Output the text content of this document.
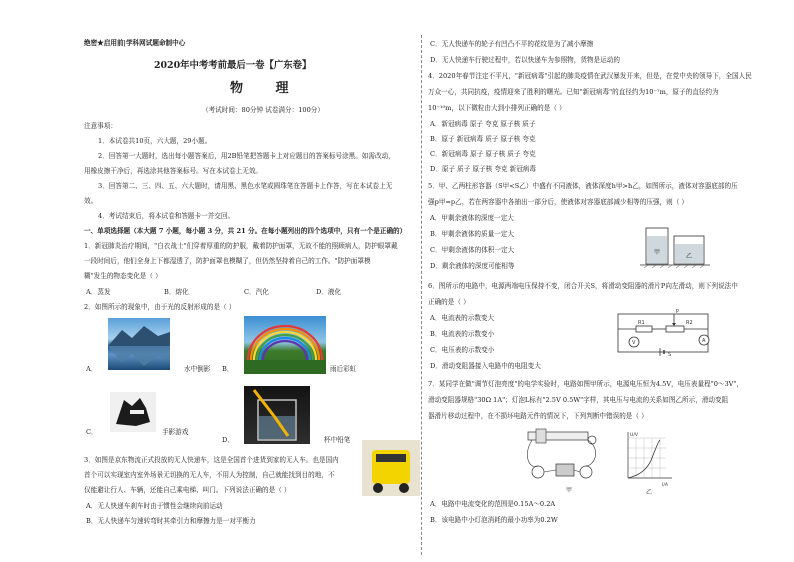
绝密★启用前|学科网试题命制中心
2020年中考考前最后一卷【广东卷】
物 理
（考试时间：80分钟 试卷满分：100分）
注意事项：
1．本试卷共10页，六大题，29小题。
2．回答第一大题时，选出每小题答案后，用2B铅笔把答题卡上对应题目的答案标号涂黑。如需改动，
用橡皮擦干净后，再选涂其他答案标号。写在本试卷上无效。
3．回答第二、三、四、五、六大题时，请用黑、黑色水笔或圆珠笔在答题卡上作答，写在本试卷上无
效。
4．考试结束后，将本试卷和答题卡一并交回。
一、单项选择题（本大题 7 小题，每小题 3 分，共 21 分。在每小题列出的四个选项中，只有一个是正确的）
1．新冠肺炎治疗期间，"白衣战士"们穿着厚重的防护服，戴着防护面罩，无故不能的照顾病人，防护眼罩戴
一段时间后，他们全身上下都湿透了，防护面罩也模糊了，但仍然坚持着自己的工作。"防护面罩模
糊"发生的物态变化是（ ）
A．蒸发	B．熔化	C．汽化	D．液化
2．如图所示的现象中，由于光的反射形成的是（ ）
A．	水中倒影 B．	雨后彩虹
C．	手影游戏
D．	杯中铅笔
3．如图是京东物流正式投放的无人快递车，这是全国首个进货到家的无人车。也是国内
首个可以实现室内室外场景无切换的无人车，不用人为控制，自己就能找到目的地，不
仅能避让行人、车辆，还能自己乘电梯、叫门。下列说法正确的是（ ）
A．无人快递车刹车时由于惯性会继续向前运动
B．无人快递车匀速转弯时其牵引力和摩擦力是一对平衡力
C．无人快递车的轮子有凹凸不平的花纹是为了减小摩擦
D．无人快递车行驶过程中，若以快递车为参照物，货物是运动的
4．2020年春节注定不平凡，"新冠病毒"引起的肺炎疫情在武汉暴发开来，但是，在党中央的领导下，全国人民
万众一心，共同抗疫，疫情迎来了胜利的曙光。已知"新冠病毒"的直径约为10⁻⁷m，原子的直径约为
10⁻¹⁰m，以下微粒由大到小排列正确的是（ ）
A．新冠病毒 原子 夸克 原子核 质子
B．原子 新冠病毒 质子 原子核 夸克
C．新冠病毒 原子 原子核 质子 夸克
D．原子 质子 原子核 夸克 新冠病毒
5．甲、乙两柱形容器（S甲<S乙）中盛有不同液体，液体深度h甲>h乙，如图所示，液体对容器底部的压
强p甲=p乙，若在两容器中各抽出一部分后，使液体对容器底部减少相等的压强，则（ ）
A．甲剩余液体的深度一定大
B．甲剩余液体的质量一定大
C．甲剩余液体的体积一定大
D．剩余液体的深度可能相等
甲
乙
6．图所示的电路中，电源两端电压保持不变，闭合开关S，将滑动变阻器的滑片P向左滑动，则下列说法中
正确的是（ ）
A．电流表的示数变大
B．电流表的示数变小
C．电压表的示数变小
D．滑动变阻器接入电路中的电阻变大
P
R1	R2
V	A
S
7．某同学在做"调节灯泡亮度"的电学实验时，电路如图甲所示，电源电压恒为4.5V，电压表量程"0～3V"，
滑动变阻器规格"30Ω 1A"；灯泡L标有"2.5V 0.5W"字样，其电压与电流的关系如图乙所示，滑动变阻
器滑片移动过程中，在不损坏电路元件的情况下，下列判断中错误的是（ ）
甲
U/V
I/A
乙
A．电路中电流变化的范围是0.15A～0.2A
B．该电路中小灯泡消耗的最小功率为0.2W
